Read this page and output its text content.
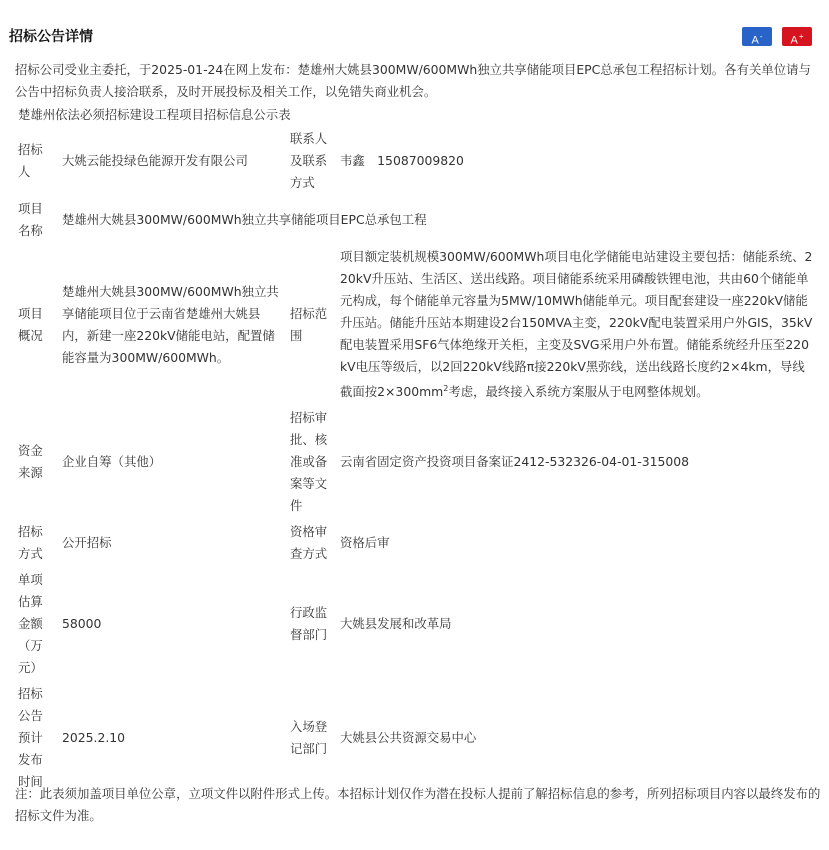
招标公告详情	A-	A+
招标公司受业主委托，于2025-01-24在网上发布：楚雄州大姚县300MW/600MWh独立共享储能项目EPC总承包工程招标计划。各有关单位请与公告中招标负责人接洽联系，及时开展投标及相关工作，以免错失商业机会。
楚雄州依法必须招标建设工程项目招标信息公示表
招标人	大姚云能投绿色能源开发有限公司	联系人及联系方式	韦鑫　15087009820
项目名称	楚雄州大姚县300MW/600MWh独立共享储能项目EPC总承包工程		
项目概况	楚雄州大姚县300MW/600MWh独立共享储能项目位于云南省楚雄州大姚县内，新建一座220kV储能电站，配置储能容量为300MW/600MWh。	招标范围	项目额定装机规模300MW/600MWh项目电化学储能电站建设主要包括：储能系统、220kV升压站、生活区、送出线路。项目储能系统采用磷酸铁锂电池，共由60个储能单元构成，每个储能单元容量为5MW/10MWh储能单元。项目配套建设一座220kV储能升压站。储能升压站本期建设2台150MVA主变，220kV配电装置采用户外GIS，35kV配电装置采用SF6气体绝缘开关柜，主变及SVG采用户外布置。储能系统经升压至220kV电压等级后，以2回220kV线路π接220kV黑弥线，送出线路长度约2×4km，导线截面按$2\times 300mm^2$考虑，最终接入系统方案服从于电网整体规划。
资金来源	企业自筹（其他）	招标审批、核准或备案等文件	云南省固定资产投资项目备案证2412-532326-04-01-315008
招标方式	公开招标	资格审查方式	资格后审
单项估算金额（万元）	58000	行政监督部门	大姚县发展和改革局
招标公告预计发布时间	2025.2.10	入场登记部门	大姚县公共资源交易中心
注：此表须加盖项目单位公章，立项文件以附件形式上传。本招标计划仅作为潜在投标人提前了解招标信息的参考，所列招标项目内容以最终发布的招标文件为准。
